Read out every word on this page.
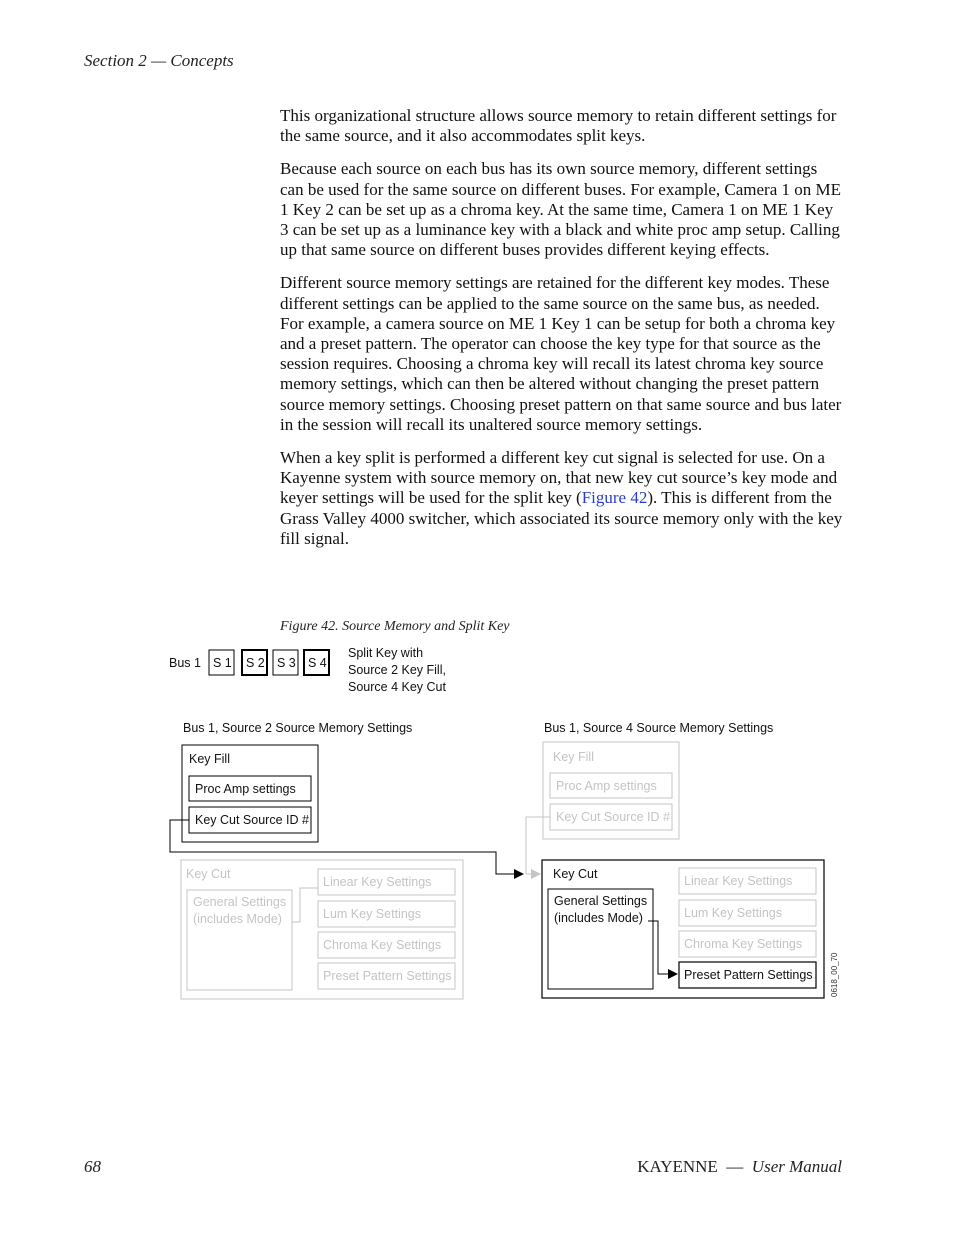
Section 2 — Concepts

This organizational structure allows source memory to retain different settings for the same source, and it also accommodates split keys.

Because each source on each bus has its own source memory, different settings can be used for the same source on different buses. For example, Camera 1 on ME 1 Key 2 can be set up as a chroma key. At the same time, Camera 1 on ME 1 Key 3 can be set up as a luminance key with a black and white proc amp setup. Calling up that same source on different buses provides different keying effects.

Different source memory settings are retained for the different key modes. These different settings can be applied to the same source on the same bus, as needed. For example, a camera source on ME 1 Key 1 can be setup for both a chroma key and a preset pattern. The operator can choose the key type for that source as the session requires. Choosing a chroma key will recall its latest chroma key source memory settings, which can then be altered without changing the preset pattern source memory settings. Choosing preset pattern on that same source and bus later in the session will recall its unaltered source memory settings.

When a key split is performed a different key cut signal is selected for use. On a Kayenne system with source memory on, that new key cut source’s key mode and keyer settings will be used for the split key (Figure 42). This is different from the Grass Valley 4000 switcher, which associated its source memory only with the key fill signal.

Figure 42. Source Memory and Split Key
Bus 1 S 1 S 2 S 3 S 4
Split Key with
Source 2 Key Fill,
Source 4 Key Cut
Bus 1, Source 2 Source Memory Settings	Bus 1, Source 4 Source Memory Settings
Key Fill
Proc Amp settings
Key Cut Source ID #
Key Cut
General Settings
(includes Mode)
Linear Key Settings
Lum Key Settings
Chroma Key Settings
Preset Pattern Settings
Key Fill
Proc Amp settings
Key Cut Source ID #
Key Cut
General Settings
(includes Mode)
Linear Key Settings
Lum Key Settings
Chroma Key Settings
Preset Pattern Settings 0618_00_70
68	KAYENNE — User Manual
